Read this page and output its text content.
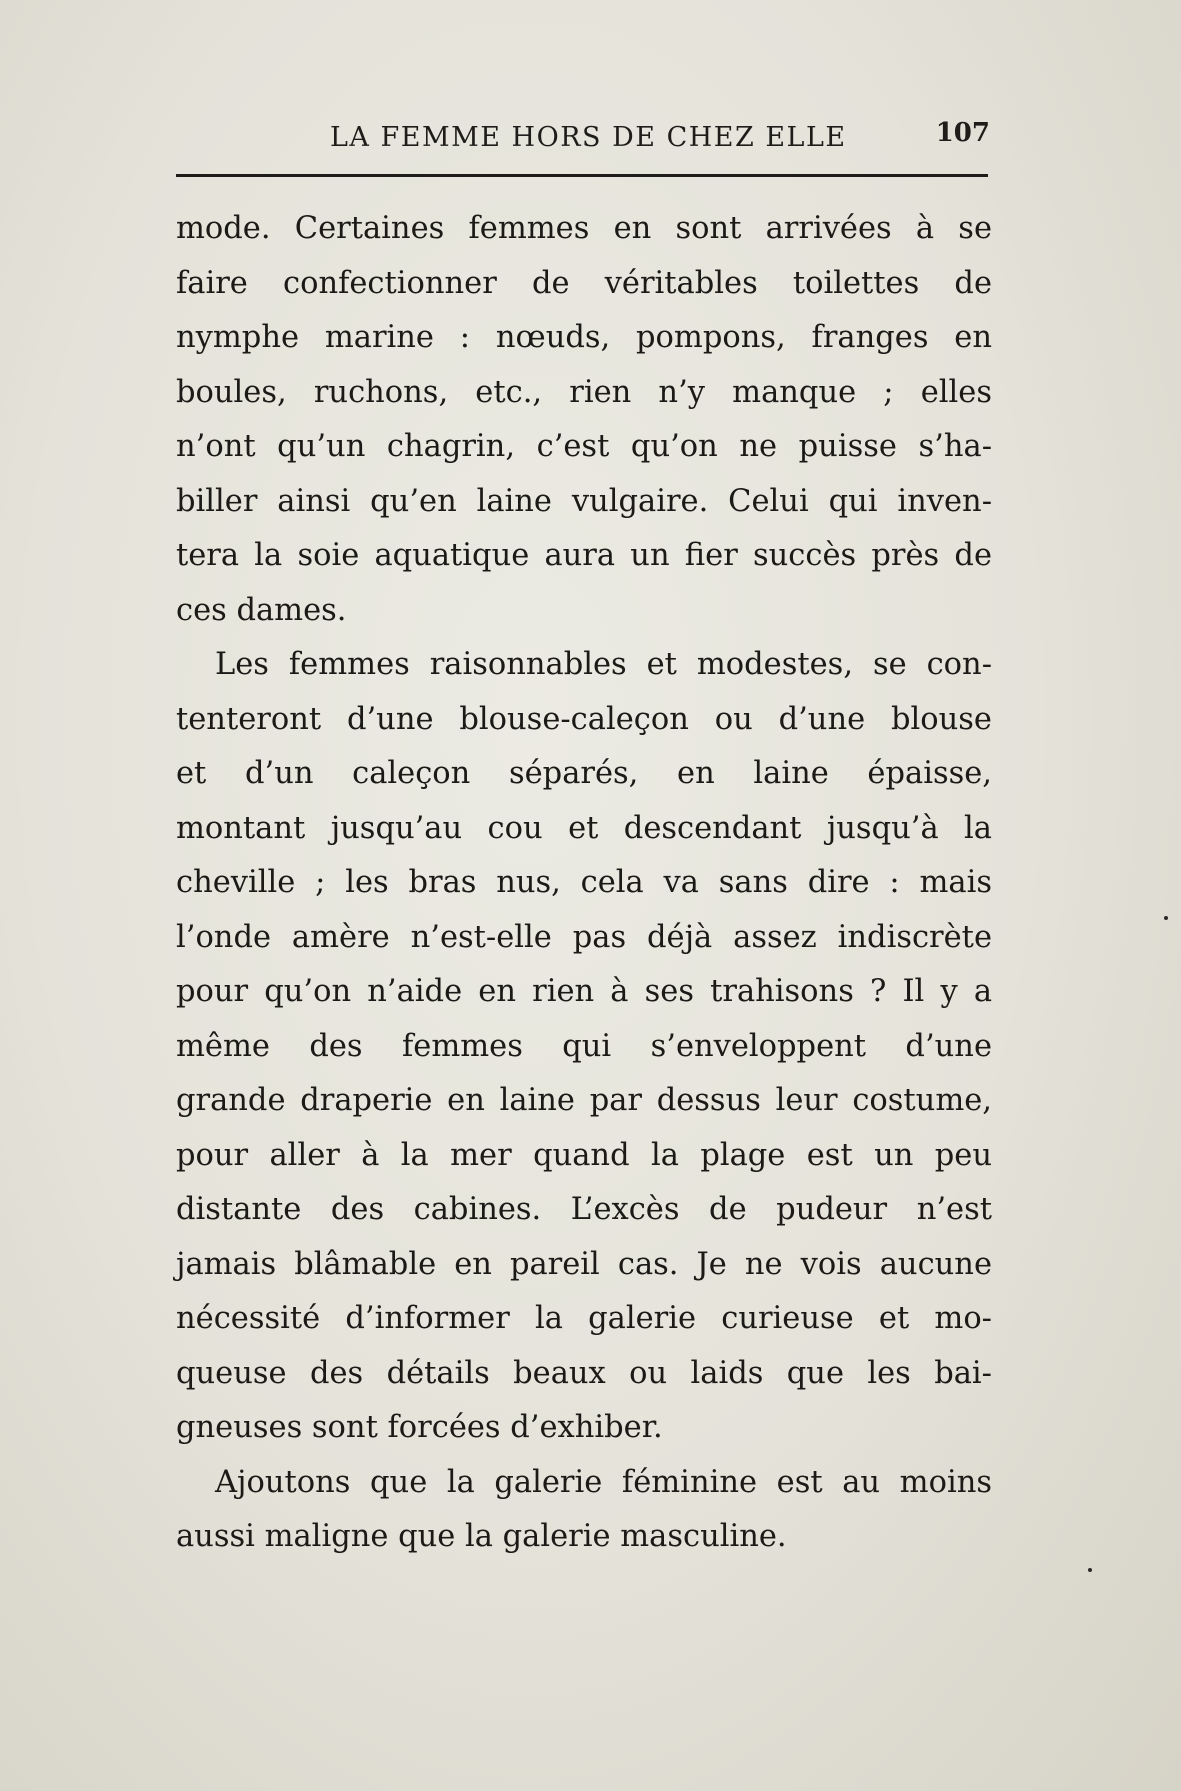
LA FEMME HORS DE CHEZ ELLE	107
mode. Certaines femmes en sont arrivées à se
faire confectionner de véritables toilettes de
nymphe marine : nœuds, pompons, franges en
boules, ruchons, etc., rien n’y manque ; elles
n’ont qu’un chagrin, c’est qu’on ne puisse s’ha-
biller ainsi qu’en laine vulgaire. Celui qui inven-
tera la soie aquatique aura un fier succès près de
ces dames.
Les femmes raisonnables et modestes, se con-
tenteront d’une blouse-caleçon ou d’une blouse
et d’un caleçon séparés, en laine épaisse,
montant jusqu’au cou et descendant jusqu’à la
cheville ; les bras nus, cela va sans dire : mais
l’onde amère n’est-elle pas déjà assez indiscrète
pour qu’on n’aide en rien à ses trahisons ? Il y a
même des femmes qui s’enveloppent d’une
grande draperie en laine par dessus leur costume,
pour aller à la mer quand la plage est un peu
distante des cabines. L’excès de pudeur n’est
jamais blâmable en pareil cas. Je ne vois aucune
nécessité d’informer la galerie curieuse et mo-
queuse des détails beaux ou laids que les bai-
gneuses sont forcées d’exhiber.
Ajoutons que la galerie féminine est au moins
aussi maligne que la galerie masculine.
